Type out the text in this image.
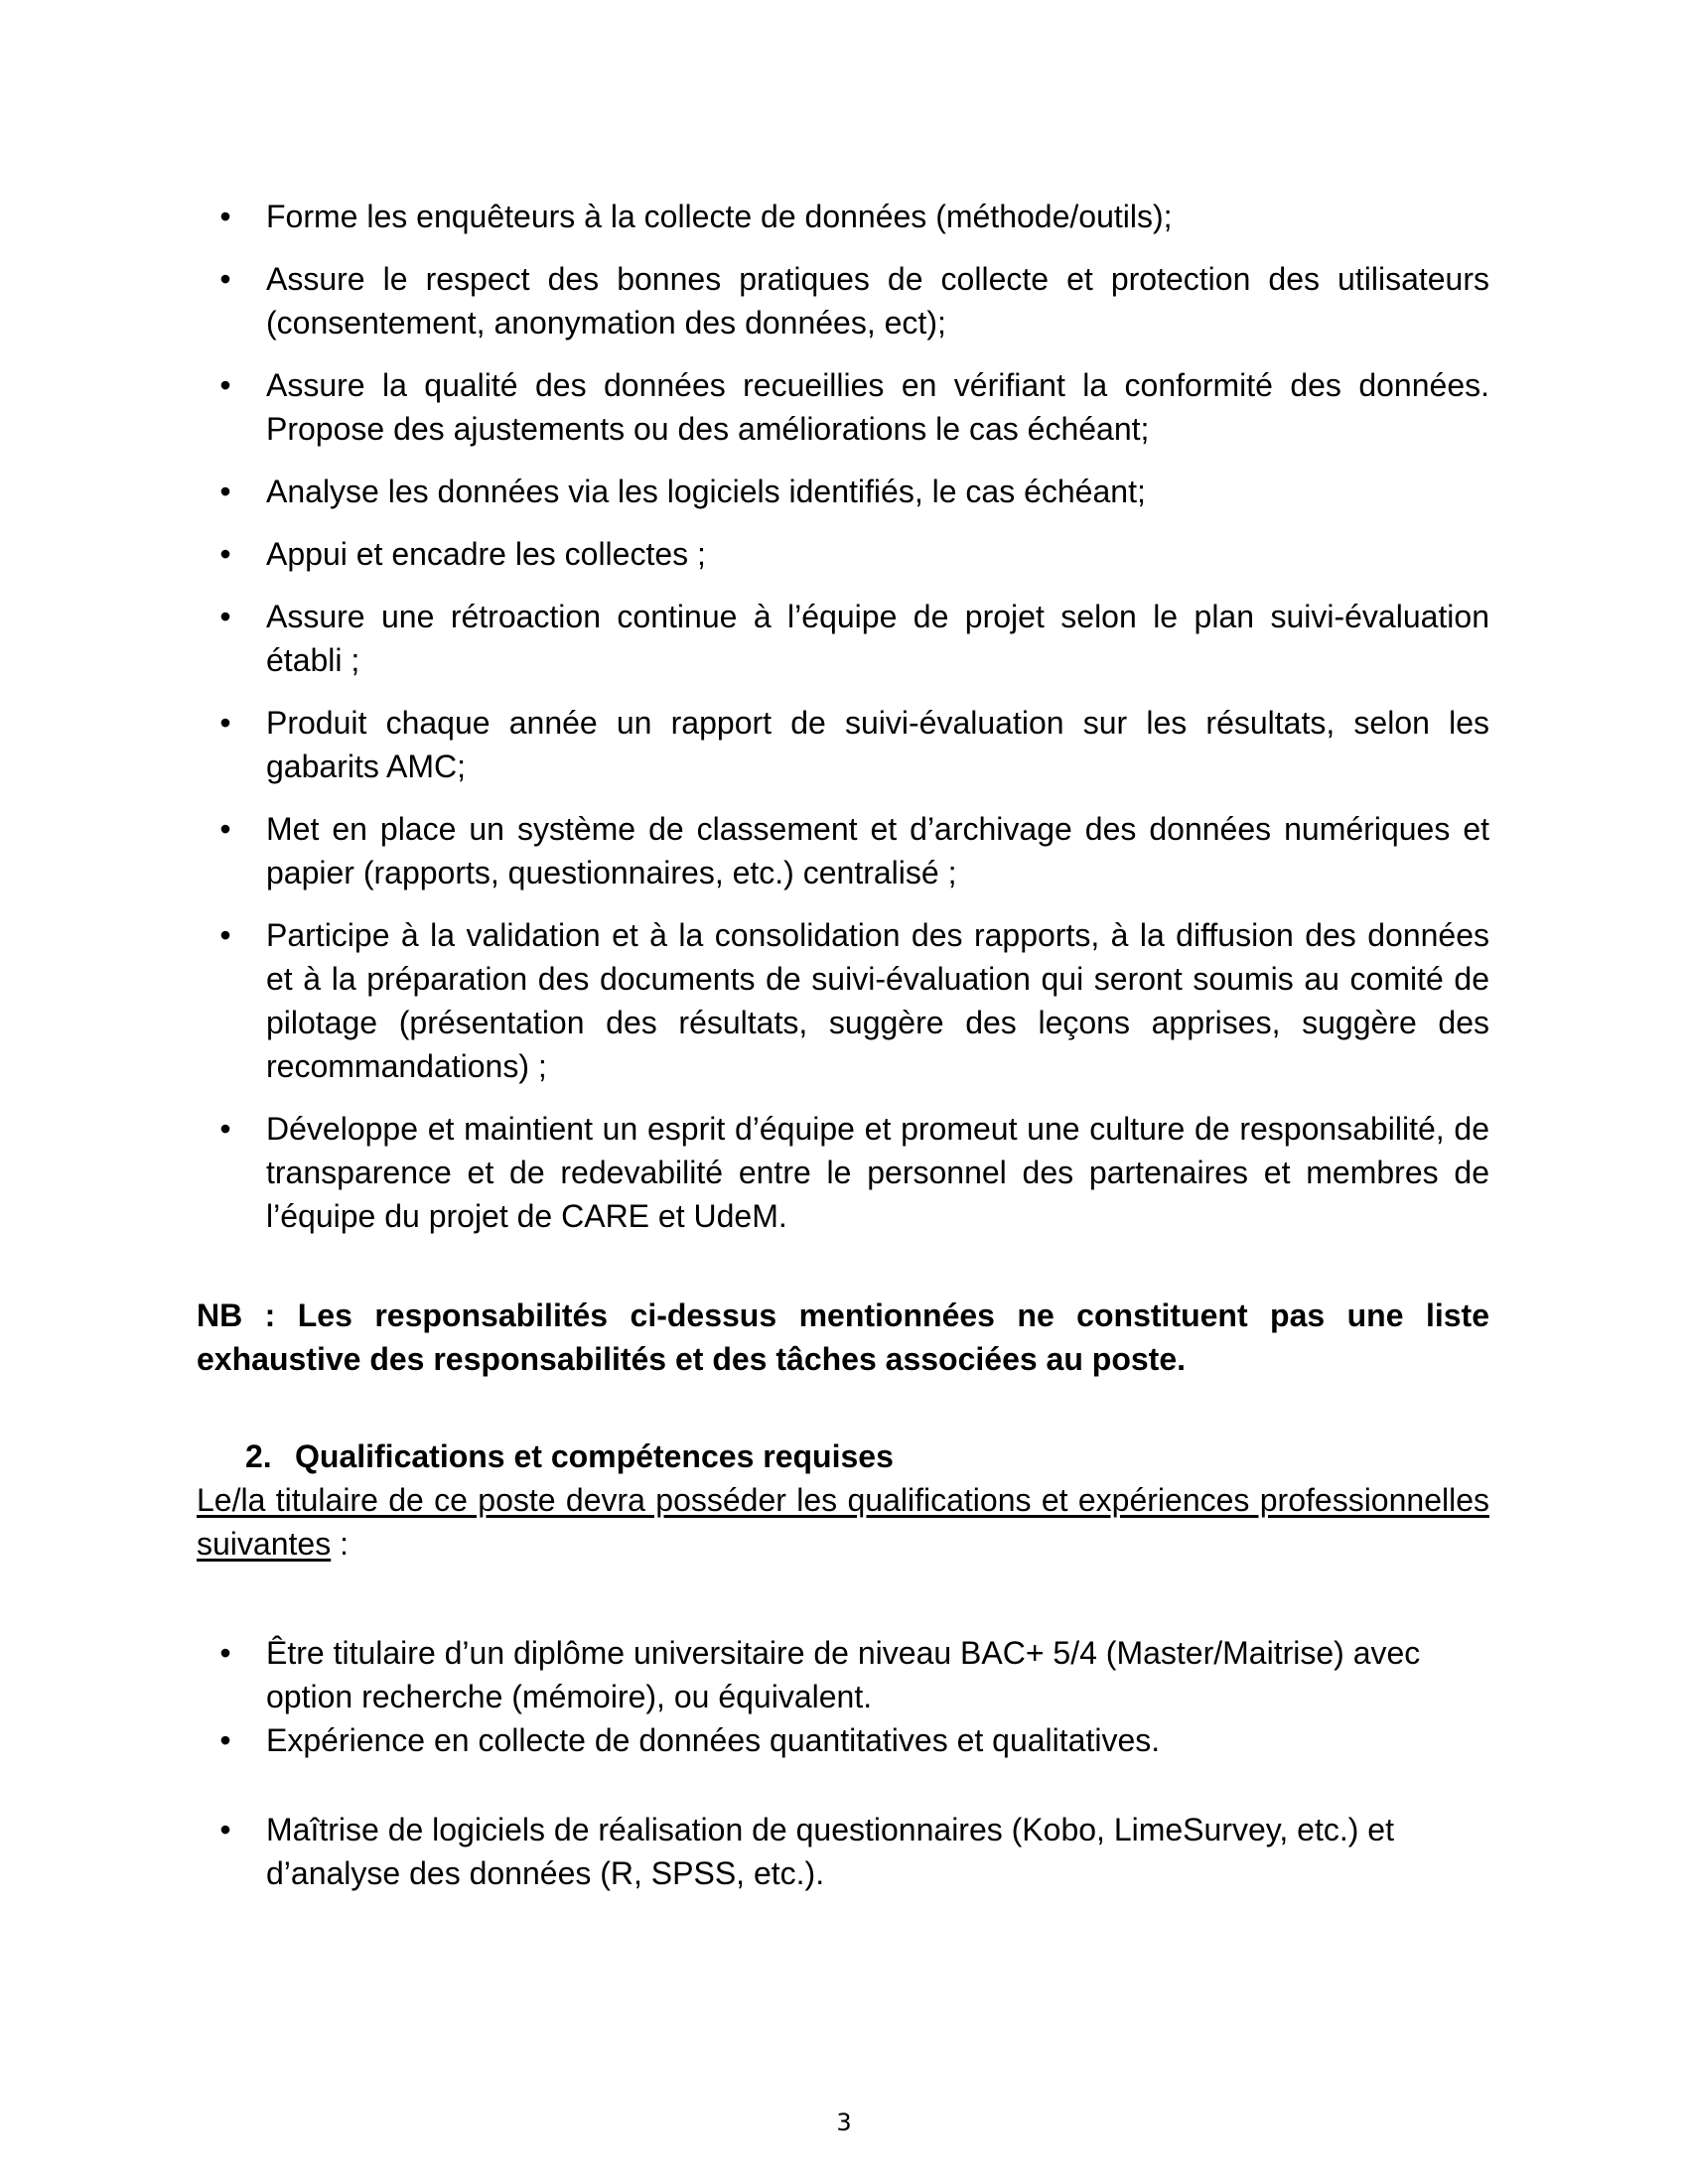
• Forme les enquêteurs à la collecte de données (méthode/outils);
• Assure le respect des bonnes pratiques de collecte et protection des utilisateurs (consentement, anonymation des données, ect);
• Assure la qualité des données recueillies en vérifiant la conformité des données. Propose des ajustements ou des améliorations le cas échéant;
• Analyse les données via les logiciels identifiés, le cas échéant;
• Appui et encadre les collectes ;
• Assure une rétroaction continue à l’équipe de projet selon le plan suivi-évaluation établi ;
• Produit chaque année un rapport de suivi-évaluation sur les résultats, selon les gabarits AMC;
• Met en place un système de classement et d’archivage des données numériques et papier (rapports, questionnaires, etc.) centralisé ;
• Participe à la validation et à la consolidation des rapports, à la diffusion des données et à la préparation des documents de suivi-évaluation qui seront soumis au comité de pilotage (présentation des résultats, suggère des leçons apprises, suggère des recommandations) ;
• Développe et maintient un esprit d’équipe et promeut une culture de responsabilité, de transparence et de redevabilité entre le personnel des partenaires et membres de l’équipe du projet de CARE et UdeM.

NB : Les responsabilités ci-dessus mentionnées ne constituent pas une liste exhaustive des responsabilités et des tâches associées au poste.

2. Qualifications et compétences requises

Le/la titulaire de ce poste devra posséder les qualifications et expériences professionnelles suivantes :

• Être titulaire d’un diplôme universitaire de niveau BAC+ 5/4 (Master/Maitrise) avec option recherche (mémoire), ou équivalent.
• Expérience en collecte de données quantitatives et qualitatives.
• Maîtrise de logiciels de réalisation de questionnaires (Kobo, LimeSurvey, etc.) et d’analyse des données (R, SPSS, etc.).
3
